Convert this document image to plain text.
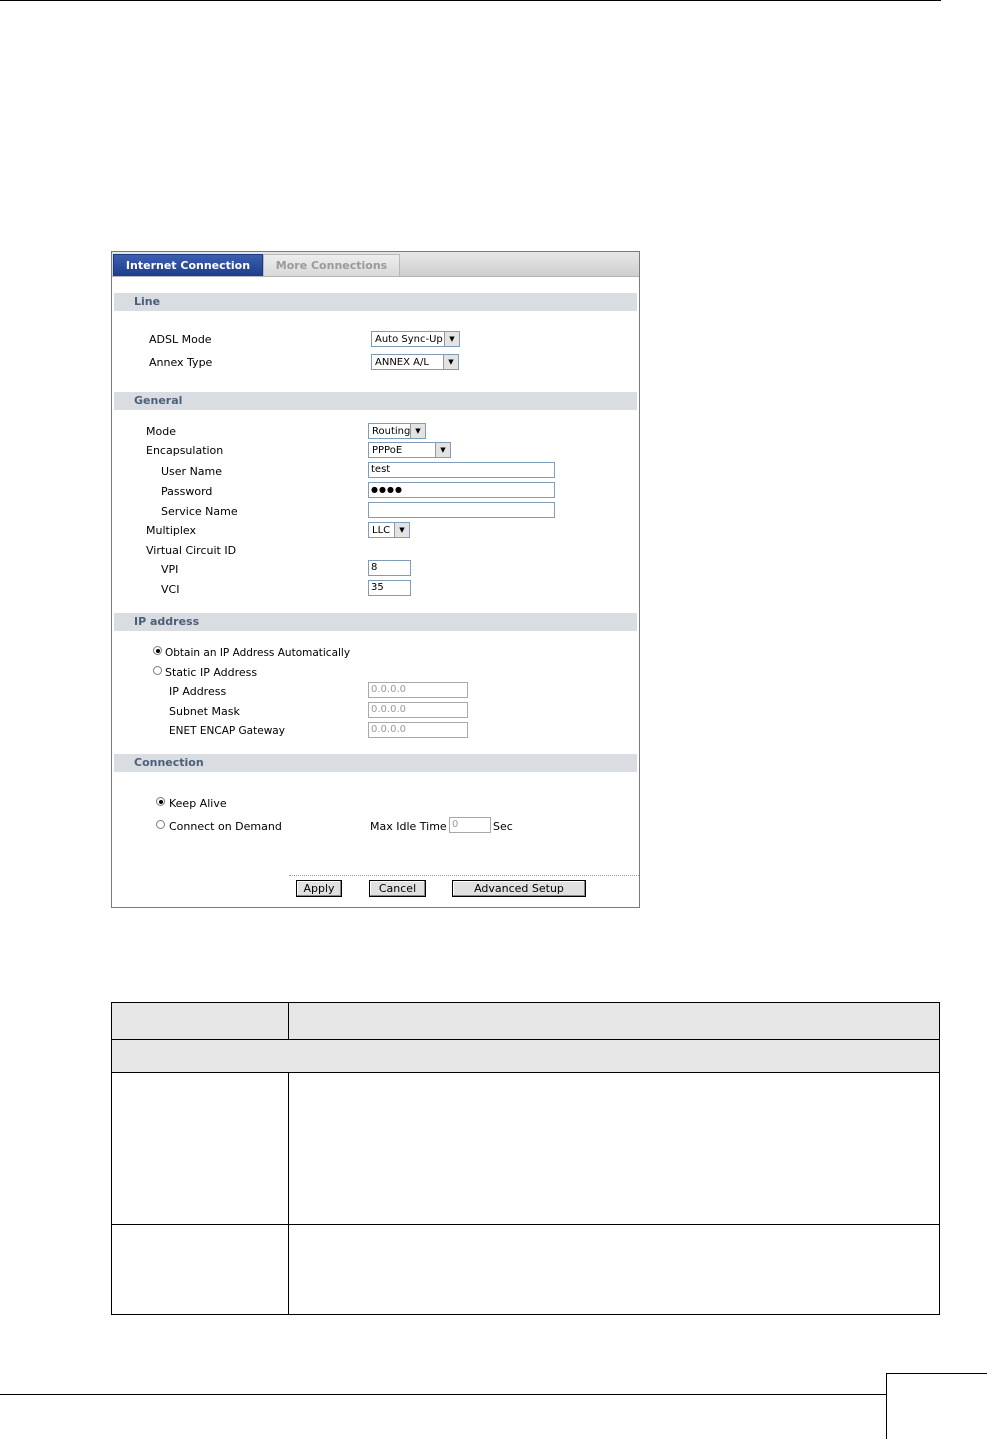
Internet Connection	More Connections
Line
ADSL Mode	Auto Sync-Up ▼
Annex Type	ANNEX A/L	▼
General
Mode	Routing ▼
Encapsulation	PPPoE	▼
User Name	test
Password	●●●●
Service Name
Multiplex	LLC	▼
Virtual Circuit ID
VPI	8
VCI	35
IP address
Obtain an IP Address Automatically
Static IP Address
IP Address	0.0.0.0
Subnet Mask	0.0.0.0
ENET ENCAP Gateway	0.0.0.0
Connection
Keep Alive
Connect on Demand	Max Idle Time 0	Sec
Apply	Cancel	Advanced Setup
